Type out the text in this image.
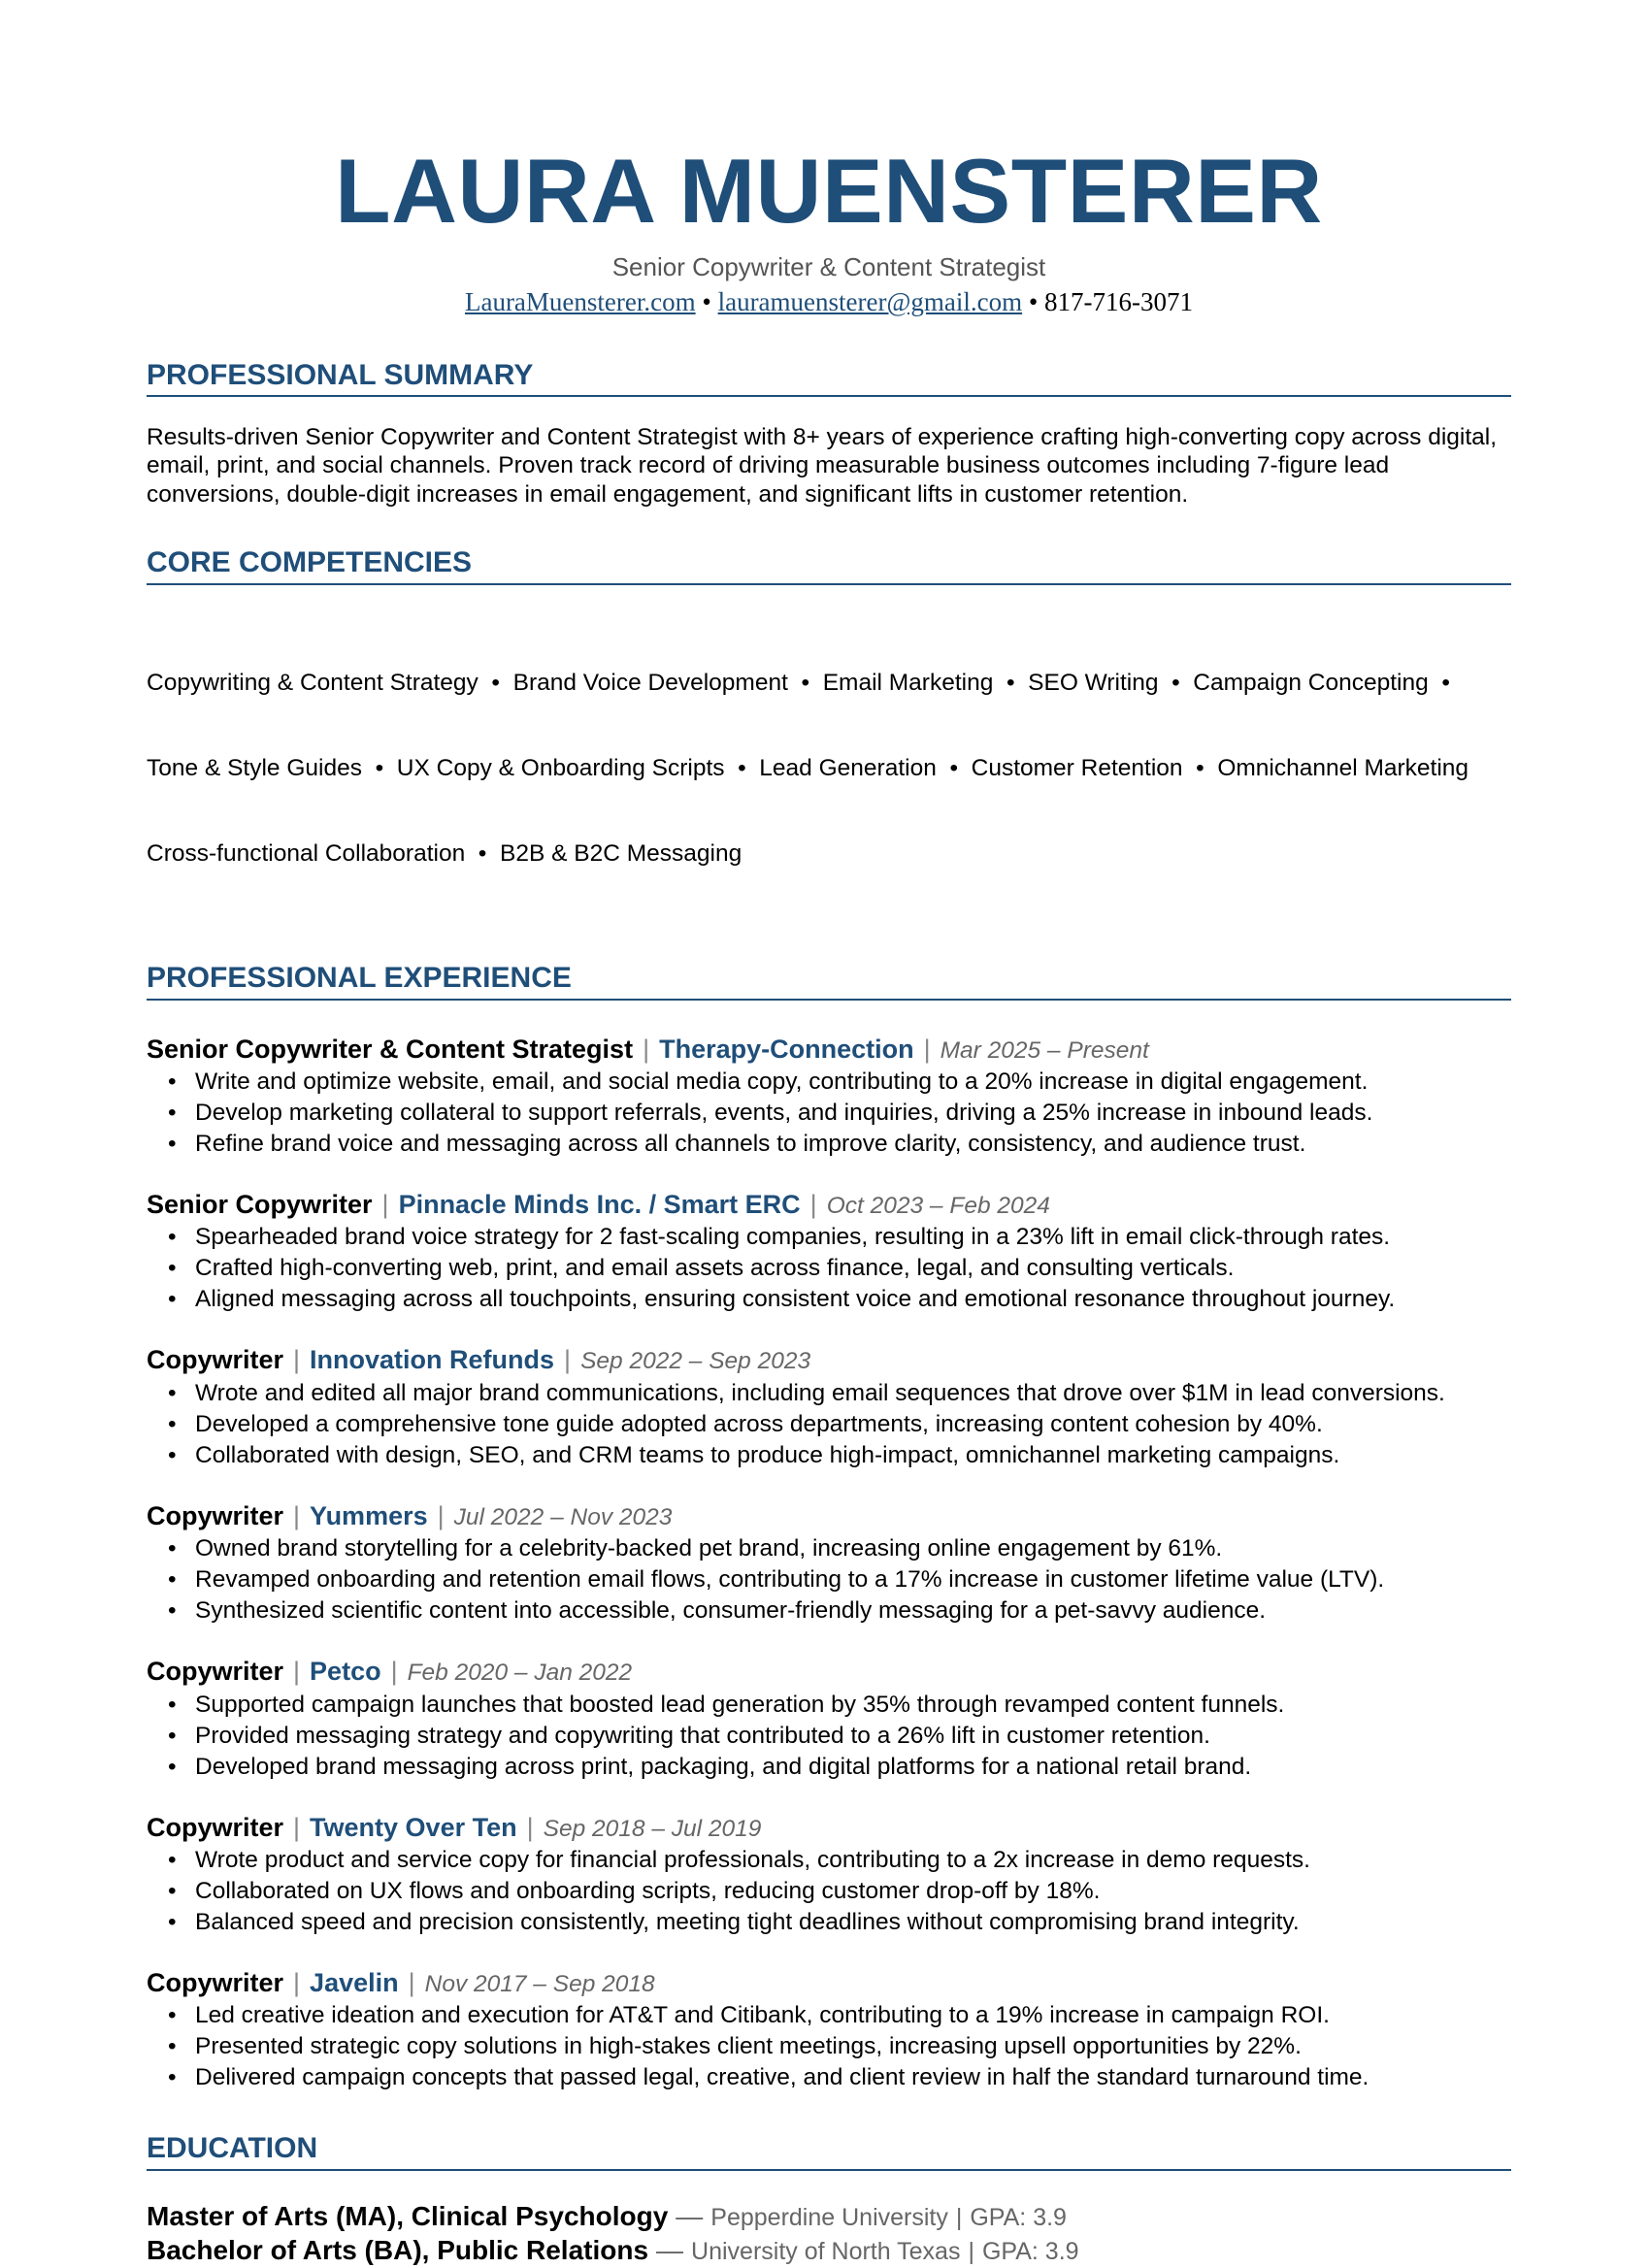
LAURA MUENSTERER
Senior Copywriter & Content Strategist
LauraMuensterer.com • lauramuensterer@gmail.com • 817-716-3071
PROFESSIONAL SUMMARY
Results-driven Senior Copywriter and Content Strategist with 8+ years of experience crafting high-converting copy across digital, email, print, and social channels. Proven track record of driving measurable business outcomes including 7-figure lead conversions, double-digit increases in email engagement, and significant lifts in customer retention.
CORE COMPETENCIES

Copywriting & Content Strategy  •  Brand Voice Development  •  Email Marketing  •  SEO Writing  •  Campaign Concepting  •

Tone & Style Guides  •  UX Copy & Onboarding Scripts  •  Lead Generation  •  Customer Retention  •  Omnichannel Marketing

Cross-functional Collaboration  •  B2B & B2C Messaging

PROFESSIONAL EXPERIENCE
Senior Copywriter & Content Strategist | Therapy-Connection | Mar 2025 – Present
• Write and optimize website, email, and social media copy, contributing to a 20% increase in digital engagement.
• Develop marketing collateral to support referrals, events, and inquiries, driving a 25% increase in inbound leads.
• Refine brand voice and messaging across all channels to improve clarity, consistency, and audience trust.
Senior Copywriter | Pinnacle Minds Inc. / Smart ERC | Oct 2023 – Feb 2024
• Spearheaded brand voice strategy for 2 fast-scaling companies, resulting in a 23% lift in email click-through rates.
• Crafted high-converting web, print, and email assets across finance, legal, and consulting verticals.
• Aligned messaging across all touchpoints, ensuring consistent voice and emotional resonance throughout journey.
Copywriter | Innovation Refunds | Sep 2022 – Sep 2023
• Wrote and edited all major brand communications, including email sequences that drove over $1M in lead conversions.
• Developed a comprehensive tone guide adopted across departments, increasing content cohesion by 40%.
• Collaborated with design, SEO, and CRM teams to produce high-impact, omnichannel marketing campaigns.
Copywriter | Yummers | Jul 2022 – Nov 2023
• Owned brand storytelling for a celebrity-backed pet brand, increasing online engagement by 61%.
• Revamped onboarding and retention email flows, contributing to a 17% increase in customer lifetime value (LTV).
• Synthesized scientific content into accessible, consumer-friendly messaging for a pet-savvy audience.
Copywriter | Petco | Feb 2020 – Jan 2022
• Supported campaign launches that boosted lead generation by 35% through revamped content funnels.
• Provided messaging strategy and copywriting that contributed to a 26% lift in customer retention.
• Developed brand messaging across print, packaging, and digital platforms for a national retail brand.
Copywriter | Twenty Over Ten | Sep 2018 – Jul 2019
• Wrote product and service copy for financial professionals, contributing to a 2x increase in demo requests.
• Collaborated on UX flows and onboarding scripts, reducing customer drop-off by 18%.
• Balanced speed and precision consistently, meeting tight deadlines without compromising brand integrity.
Copywriter | Javelin | Nov 2017 – Sep 2018
• Led creative ideation and execution for AT&T and Citibank, contributing to a 19% increase in campaign ROI.
• Presented strategic copy solutions in high-stakes client meetings, increasing upsell opportunities by 22%.
• Delivered campaign concepts that passed legal, creative, and client review in half the standard turnaround time.
EDUCATION
Master of Arts (MA), Clinical Psychology — Pepperdine University | GPA: 3.9
Bachelor of Arts (BA), Public Relations — University of North Texas | GPA: 3.9
